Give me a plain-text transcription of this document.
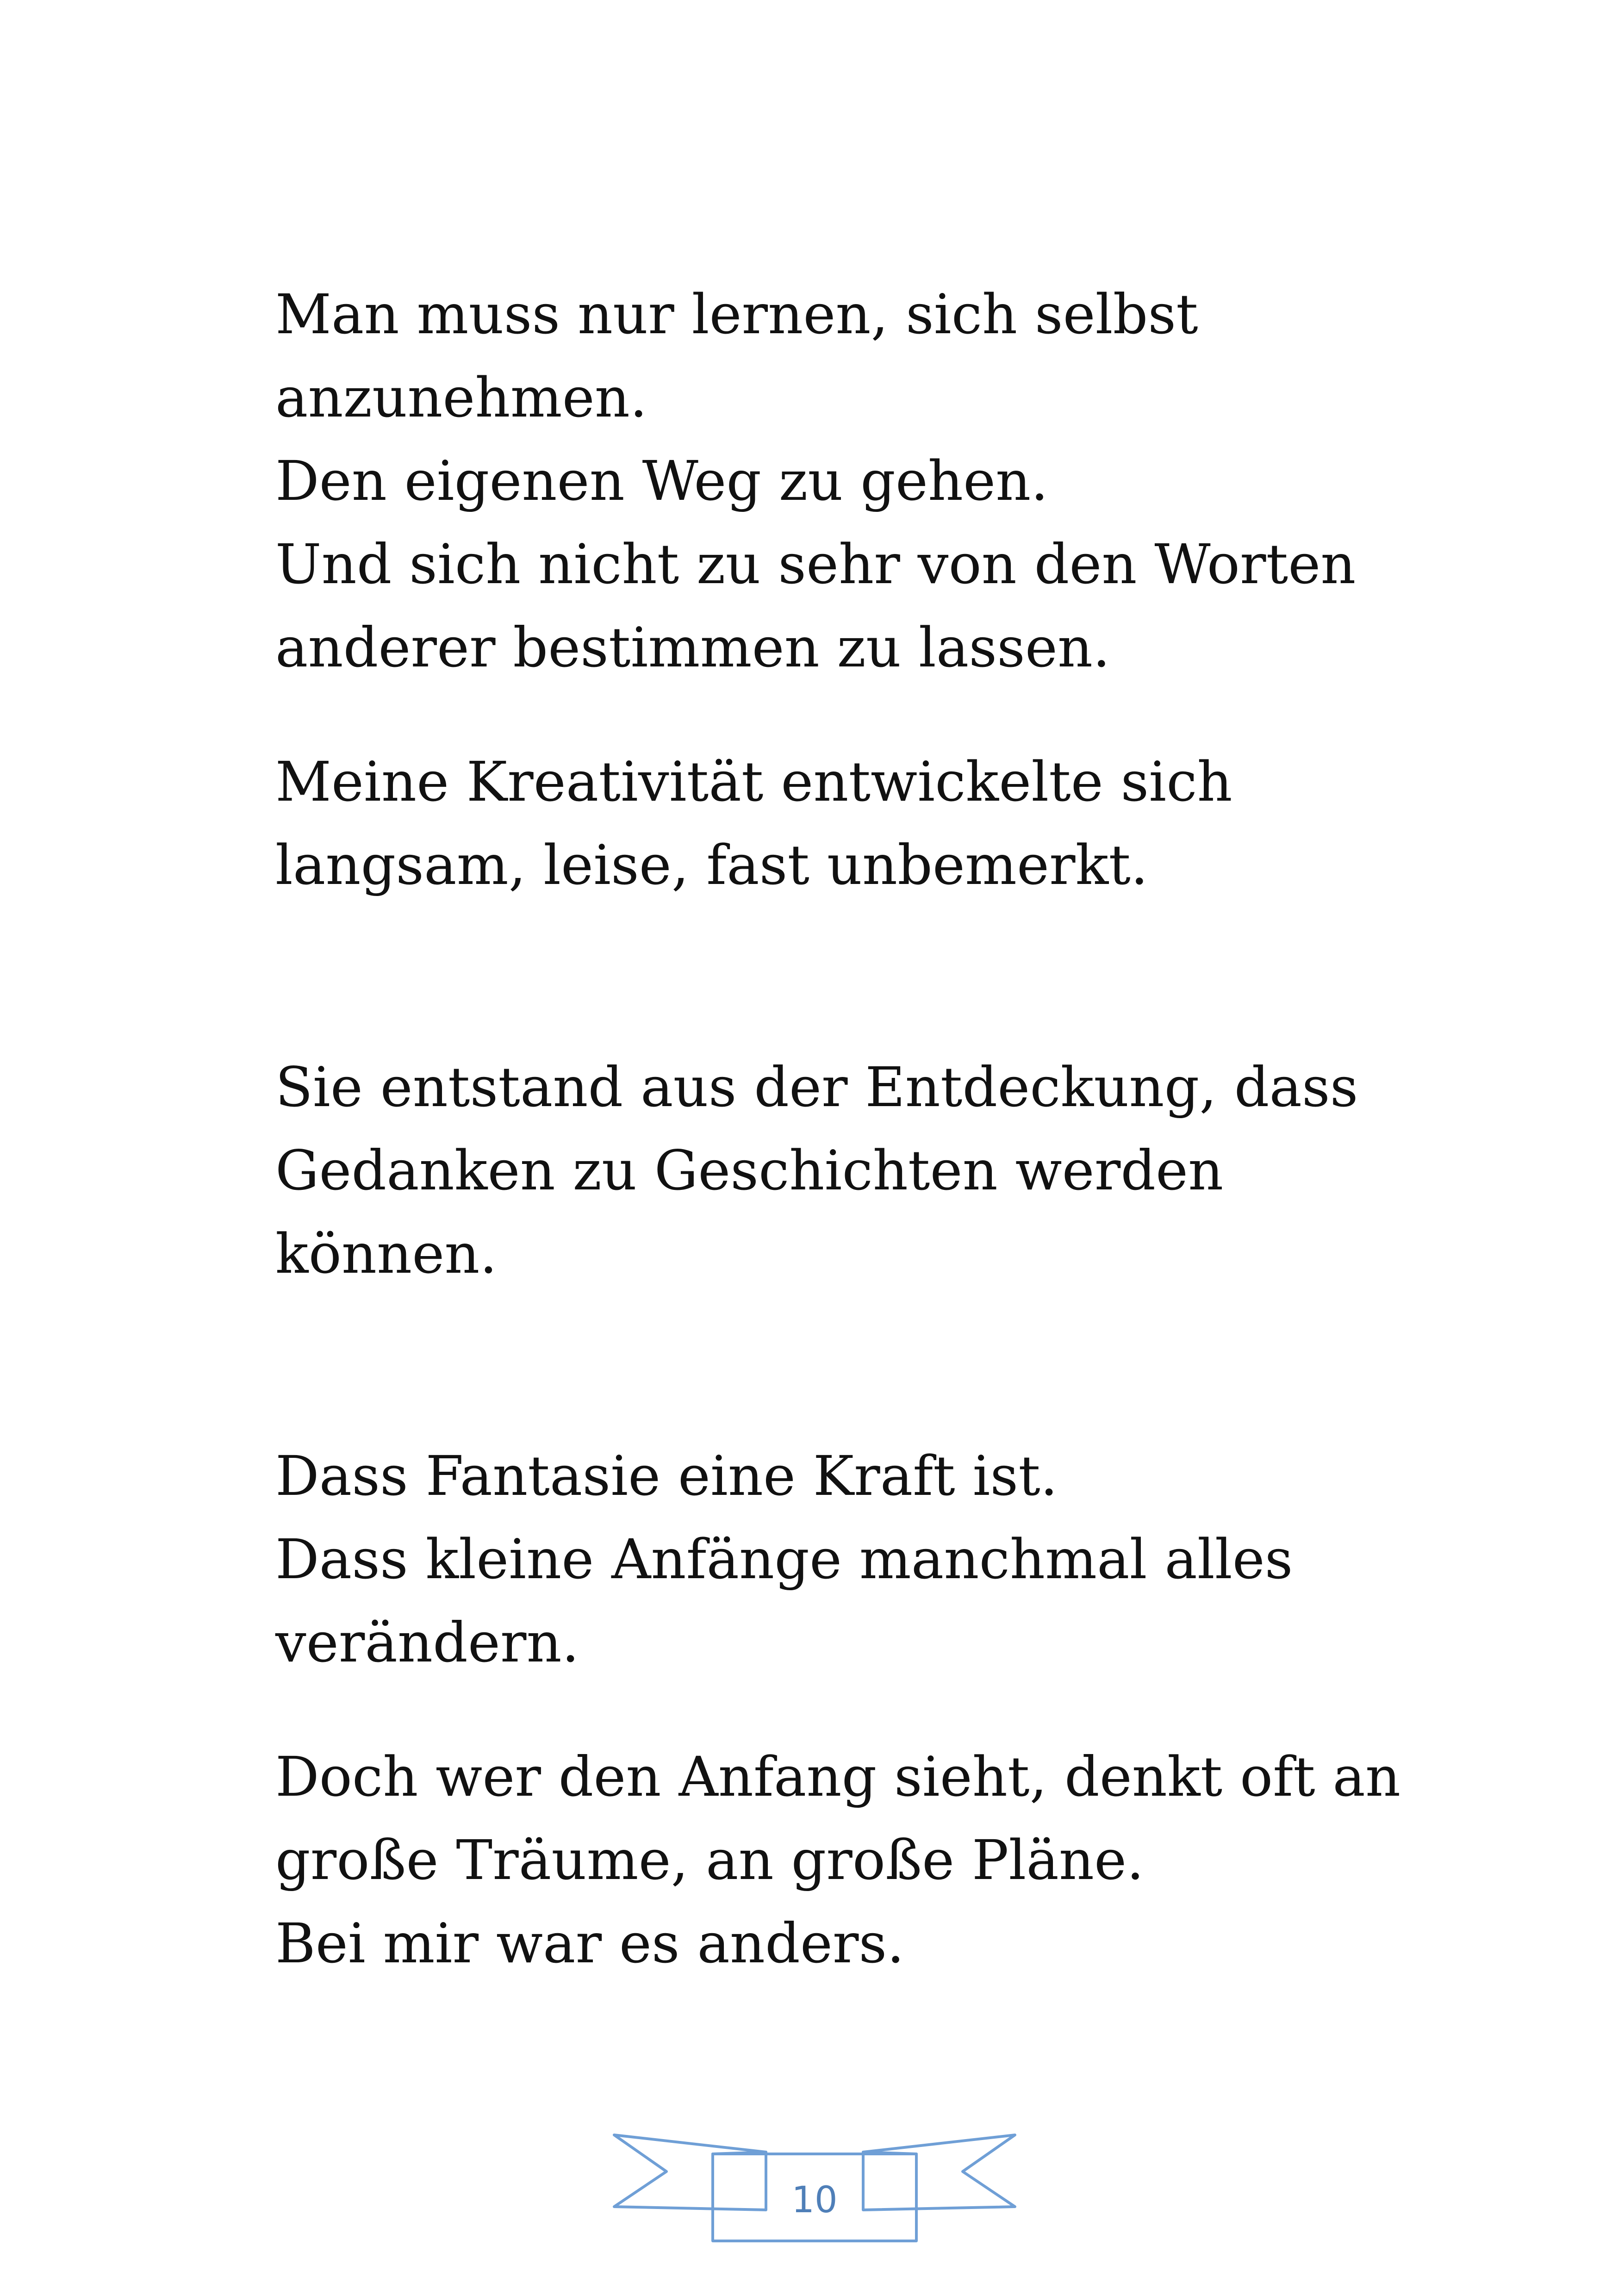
Man muss nur lernen, sich selbst
anzunehmen.
Den eigenen Weg zu gehen.
Und sich nicht zu sehr von den Worten
anderer bestimmen zu lassen.
Meine Kreativität entwickelte sich
langsam, leise, fast unbemerkt.
Sie entstand aus der Entdeckung, dass
Gedanken zu Geschichten werden
können.
Dass Fantasie eine Kraft ist.
Dass kleine Anfänge manchmal alles
verändern.
Doch wer den Anfang sieht, denkt oft an
große Träume, an große Pläne.
Bei mir war es anders.
10
